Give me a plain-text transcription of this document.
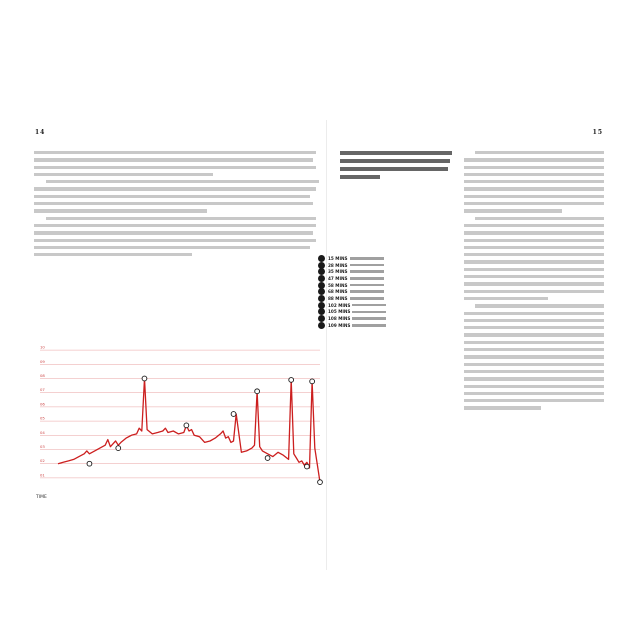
14
10
09
08
07
06
05
04
03
02
01
TIME
15
15 MINS
28 MINS
35 MINS
47 MINS
58 MINS
68 MINS
88 MINS
102 MINS
105 MINS
108 MINS
109 MINS
